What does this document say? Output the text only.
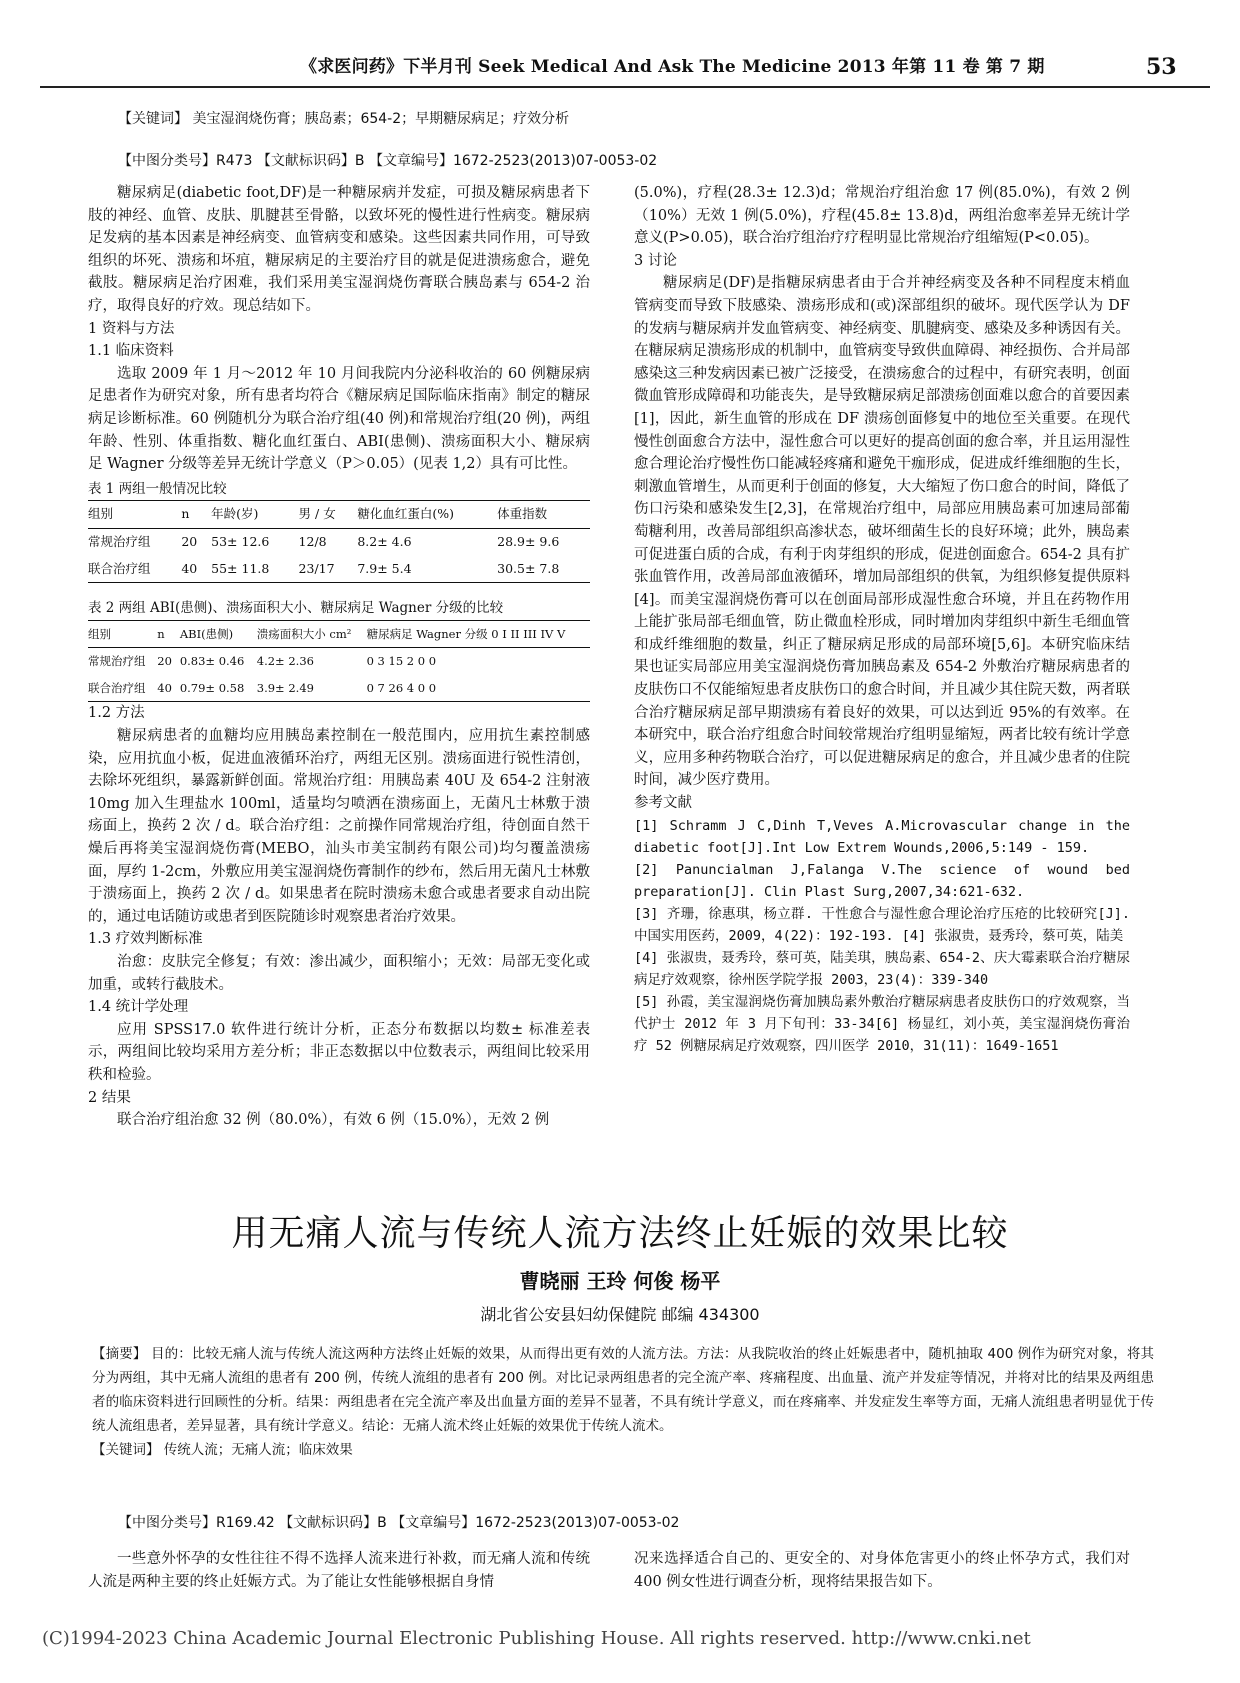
《求医问药》下半月刊 Seek Medical And Ask The Medicine 2013 年第 11 卷 第 7 期	53
【关键词】 美宝湿润烧伤膏；胰岛素；654-2；早期糖尿病足；疗效分析
【中图分类号】R473 【文献标识码】B 【文章编号】1672-2523(2013)07-0053-02

糖尿病足(diabetic foot,DF)是一种糖尿病并发症，可损及糖尿病患者下肢的神经、血管、皮肤、肌腱甚至骨骼，以致坏死的慢性进行性病变。糖尿病足发病的基本因素是神经病变、血管病变和感染。这些因素共同作用，可导致组织的坏死、溃疡和坏疽，糖尿病足的主要治疗目的就是促进溃疡愈合，避免截肢。糖尿病足治疗困难，我们采用美宝湿润烧伤膏联合胰岛素与 654-2 治疗，取得良好的疗效。现总结如下。

1 资料与方法

1.1 临床资料

选取 2009 年 1 月～2012 年 10 月间我院内分泌科收治的 60 例糖尿病足患者作为研究对象，所有患者均符合《糖尿病足国际临床指南》制定的糖尿病足诊断标准。60 例随机分为联合治疗组(40 例)和常规治疗组(20 例)，两组年龄、性别、体重指数、糖化血红蛋白、ABI(患侧)、溃疡面积大小、糖尿病足 Wagner 分级等差异无统计学意义（P＞0.05）(见表 1,2）具有可比性。

表 1 两组一般情况比较
组别	n	年龄(岁)	男 / 女	糖化血红蛋白(%)	体重指数
常规治疗组	20	53± 12.6	12/8	8.2± 4.6	28.9± 9.6
联合治疗组	40	55± 11.8	23/17	7.9± 5.4	30.5± 7.8
表 2 两组 ABI(患侧)、溃疡面积大小、糖尿病足 Wagner 分级的比较
组别	n	ABI(患侧)	溃疡面积大小 cm²	糖尿病足 Wagner 分级 0 I II III IV V
常规治疗组	20	0.83± 0.46	4.2± 2.36	0 3 15 2 0 0
联合治疗组	40	0.79± 0.58	3.9± 2.49	0 7 26 4 0 0

1.2 方法

糖尿病患者的血糖均应用胰岛素控制在一般范围内，应用抗生素控制感染，应用抗血小板，促进血液循环治疗，两组无区别。溃疡面进行锐性清创，去除坏死组织，暴露新鲜创面。常规治疗组：用胰岛素 40U 及 654-2 注射液 10mg 加入生理盐水 100ml，适量均匀喷洒在溃疡面上，无菌凡士林敷于溃疡面上，换药 2 次 / d。联合治疗组：之前操作同常规治疗组，待创面自然干燥后再将美宝湿润烧伤膏(MEBO，汕头市美宝制药有限公司)均匀覆盖溃疡面，厚约 1-2cm，外敷应用美宝湿润烧伤膏制作的纱布，然后用无菌凡士林敷于溃疡面上，换药 2 次 / d。如果患者在院时溃疡未愈合或患者要求自动出院的，通过电话随访或患者到医院随诊时观察患者治疗效果。

1.3 疗效判断标准

治愈：皮肤完全修复；有效：渗出减少，面积缩小；无效：局部无变化或加重，或转行截肢术。

1.4 统计学处理

应用 SPSS17.0 软件进行统计分析，正态分布数据以均数± 标准差表示，两组间比较均采用方差分析；非正态数据以中位数表示，两组间比较采用秩和检验。

2 结果

联合治疗组治愈 32 例（80.0%），有效 6 例（15.0%），无效 2 例

(5.0%)，疗程(28.3± 12.3)d；常规治疗组治愈 17 例(85.0%)，有效 2 例（10%）无效 1 例(5.0%)，疗程(45.8± 13.8)d，两组治愈率差异无统计学意义(P>0.05)，联合治疗组治疗疗程明显比常规治疗组缩短(P<0.05)。

3 讨论

糖尿病足(DF)是指糖尿病患者由于合并神经病变及各种不同程度末梢血管病变而导致下肢感染、溃疡形成和(或)深部组织的破坏。现代医学认为 DF 的发病与糖尿病并发血管病变、神经病变、肌腱病变、感染及多种诱因有关。在糖尿病足溃疡形成的机制中，血管病变导致供血障碍、神经损伤、合并局部感染这三种发病因素已被广泛接受，在溃疡愈合的过程中，有研究表明，创面微血管形成障碍和功能丧失，是导致糖尿病足部溃疡创面难以愈合的首要因素[1]，因此，新生血管的形成在 DF 溃疡创面修复中的地位至关重要。在现代慢性创面愈合方法中，湿性愈合可以更好的提高创面的愈合率，并且运用湿性愈合理论治疗慢性伤口能减轻疼痛和避免干痂形成，促进成纤维细胞的生长，刺激血管增生，从而更利于创面的修复，大大缩短了伤口愈合的时间，降低了伤口污染和感染发生[2,3]，在常规治疗组中，局部应用胰岛素可加速局部葡萄糖利用，改善局部组织高渗状态，破坏细菌生长的良好环境；此外，胰岛素可促进蛋白质的合成，有利于肉芽组织的形成，促进创面愈合。654-2 具有扩张血管作用，改善局部血液循环，增加局部组织的供氧，为组织修复提供原料[4]。而美宝湿润烧伤膏可以在创面局部形成湿性愈合环境，并且在药物作用上能扩张局部毛细血管，防止微血栓形成，同时增加肉芽组织中新生毛细血管和成纤维细胞的数量，纠正了糖尿病足形成的局部环境[5,6]。本研究临床结果也证实局部应用美宝湿润烧伤膏加胰岛素及 654-2 外敷治疗糖尿病患者的皮肤伤口不仅能缩短患者皮肤伤口的愈合时间，并且减少其住院天数，两者联合治疗糖尿病足部早期溃疡有着良好的效果，可以达到近 95%的有效率。在本研究中，联合治疗组愈合时间较常规治疗组明显缩短，两者比较有统计学意义，应用多种药物联合治疗，可以促进糖尿病足的愈合，并且减少患者的住院时间，减少医疗费用。

参考文献

[1] Schramm J C,Dinh T,Veves A.Microvascular change in the diabetic foot[J].Int Low Extrem Wounds,2006,5:149 - 159.

[2] Panuncialman J,Falanga V.The science of wound bed preparation[J]. Clin Plast Surg,2007,34:621-632.

[3] 齐珊，徐惠琪，杨立群. 干性愈合与湿性愈合理论治疗压疮的比较研究[J]. 中国实用医药，2009，4(22)：192-193. [4] 张淑贵，聂秀玲，蔡可英，陆美

[4] 张淑贵，聂秀玲，蔡可英，陆美琪，胰岛素、654-2、庆大霉素联合治疗糖尿病足疗效观察，徐州医学院学报 2003，23(4)：339-340

[5] 孙霞，美宝湿润烧伤膏加胰岛素外敷治疗糖尿病患者皮肤伤口的疗效观察，当代护士 2012 年 3 月下旬刊：33-34[6] 杨显红，刘小英，美宝湿润烧伤膏治疗 52 例糖尿病足疗效观察，四川医学 2010，31(11)：1649-1651

用无痛人流与传统人流方法终止妊娠的效果比较
曹晓丽 王玲 何俊 杨平
湖北省公安县妇幼保健院 邮编 434300

【摘要】 目的：比较无痛人流与传统人流这两种方法终止妊娠的效果，从而得出更有效的人流方法。方法：从我院收治的终止妊娠患者中，随机抽取 400 例作为研究对象，将其分为两组，其中无痛人流组的患者有 200 例，传统人流组的患者有 200 例。对比记录两组患者的完全流产率、疼痛程度、出血量、流产并发症等情况，并将对比的结果及两组患者的临床资料进行回顾性的分析。结果：两组患者在完全流产率及出血量方面的差异不显著，不具有统计学意义，而在疼痛率、并发症发生率等方面，无痛人流组患者明显优于传统人流组患者，差异显著，具有统计学意义。结论：无痛人流术终止妊娠的效果优于传统人流术。

【关键词】 传统人流；无痛人流；临床效果

【中图分类号】R169.42 【文献标识码】B 【文章编号】1672-2523(2013)07-0053-02
一些意外怀孕的女性往往不得不选择人流来进行补救，而无痛人流和传统人流是两种主要的终止妊娠方式。为了能让女性能够根据自身情
况来选择适合自己的、更安全的、对身体危害更小的终止怀孕方式，我们对 400 例女性进行调查分析，现将结果报告如下。
(C)1994-2023 China Academic Journal Electronic Publishing House. All rights reserved. http://www.cnki.net
